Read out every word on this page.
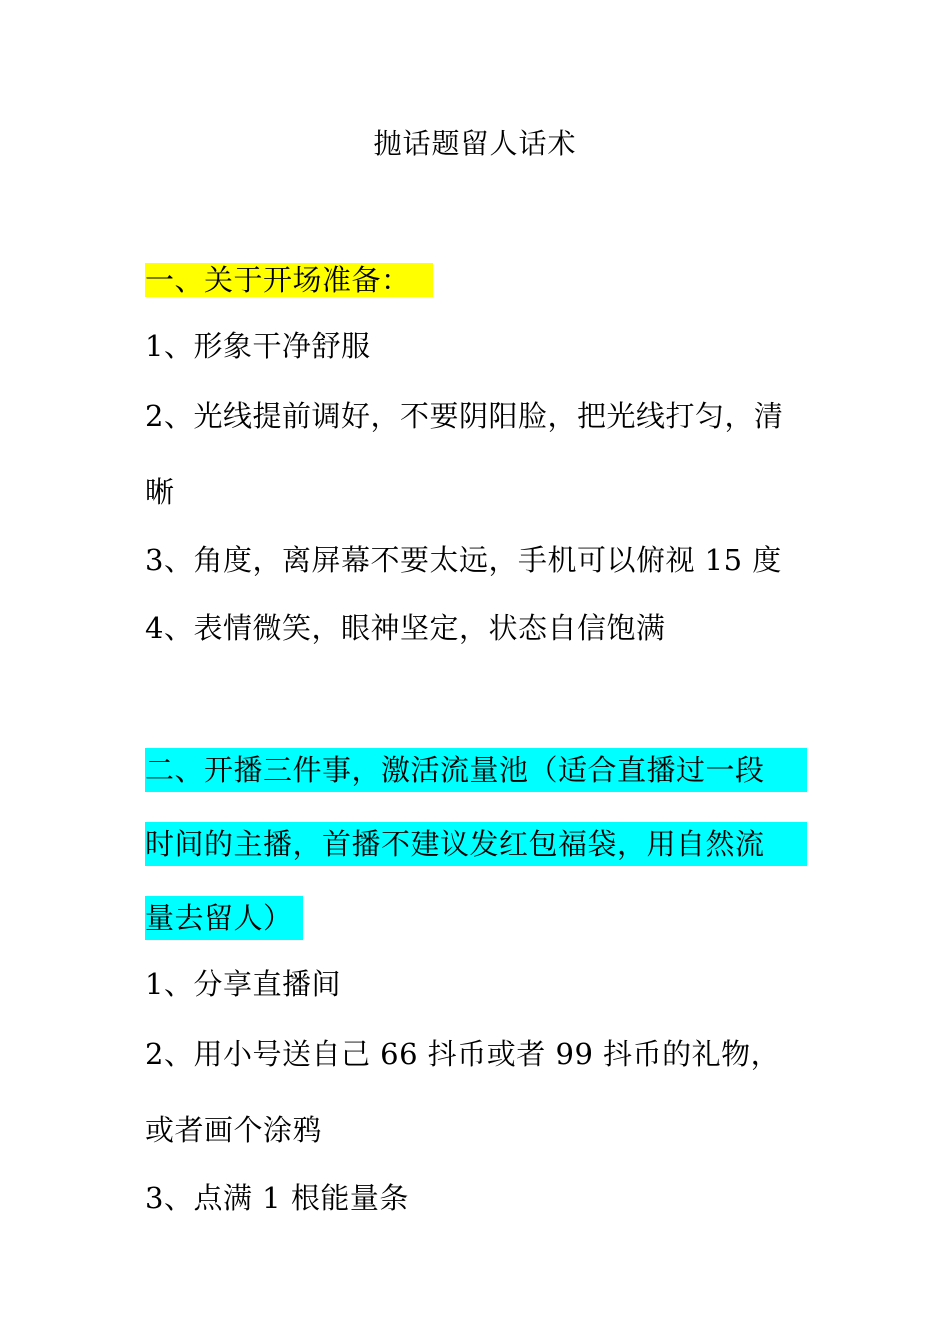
抛话题留人话术
一、关于开场准备：
1、形象干净舒服
2、光线提前调好，不要阴阳脸，把光线打匀，清
晰
3、角度，离屏幕不要太远，手机可以俯视 15 度
4、表情微笑，眼神坚定，状态自信饱满
二、开播三件事，激活流量池（适合直播过一段
时间的主播，首播不建议发红包福袋，用自然流
量去留人）
1、分享直播间
2、用小号送自己 66 抖币或者 99 抖币的礼物，
或者画个涂鸦
3、点满 1 根能量条
